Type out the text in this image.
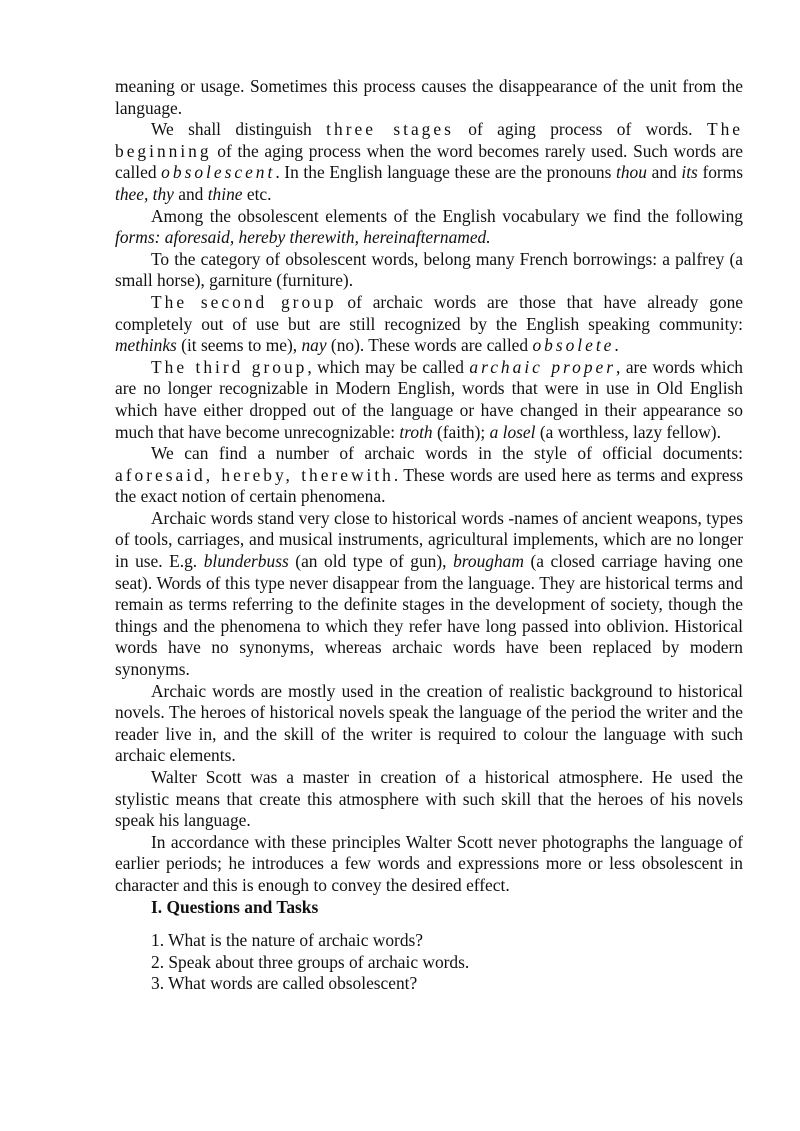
meaning or usage. Sometimes this process causes the disappearance of the unit from the language.

We shall distinguish three stages of aging process of words. The beginning of the aging process when the word becomes rarely used. Such words are called obsolescent. In the English language these are the pronouns thou and its forms thee, thy and thine etc.

Among the obsolescent elements of the English vocabulary we find the following forms: aforesaid, hereby therewith, hereinafternamed.

To the category of obsolescent words, belong many French borrowings: a palfrey (a small horse), garniture (furniture).

The second group of archaic words are those that have already gone completely out of use but are still recognized by the English speaking community: methinks (it seems to me), nay (no). These words are called obsolete.

The third group, which may be called archaic proper, are words which are no longer recognizable in Modern English, words that were in use in Old English which have either dropped out of the language or have changed in their appearance so much that have become unrecognizable: troth (faith); a losel (a worthless, lazy fellow).

We can find a number of archaic words in the style of official documents: aforesaid, hereby, therewith. These words are used here as terms and express the exact notion of certain phenomena.

Archaic words stand very close to historical words -names of ancient weapons, types of tools, carriages, and musical instruments, agricultural implements, which are no longer in use. E.g. blunderbuss (an old type of gun), brougham (a closed carriage having one seat). Words of this type never disappear from the language. They are historical terms and remain as terms referring to the definite stages in the development of society, though the things and the phenomena to which they refer have long passed into oblivion. Historical words have no synonyms, whereas archaic words have been replaced by modern synonyms.

Archaic words are mostly used in the creation of realistic background to historical novels. The heroes of historical novels speak the language of the period the writer and the reader live in, and the skill of the writer is required to colour the language with such archaic elements.

Walter Scott was a master in creation of a historical atmosphere. He used the stylistic means that create this atmosphere with such skill that the heroes of his novels speak his language.

In accordance with these principles Walter Scott never photographs the language of earlier periods; he introduces a few words and expressions more or less obsolescent in character and this is enough to convey the desired effect.

I. Questions and Tasks

1. What is the nature of archaic words?

2. Speak about three groups of archaic words.

3. What words are called obsolescent?
